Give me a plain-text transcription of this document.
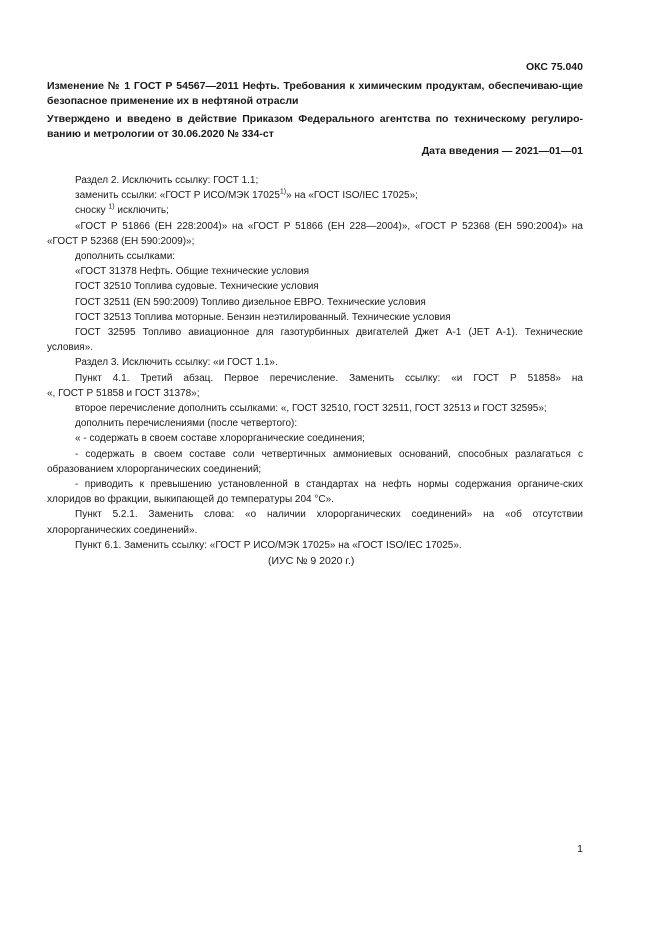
ОКС 75.040

Изменение № 1 ГОСТ Р 54567—2011 Нефть. Требования к химическим продуктам, обеспечиваю-щие безопасное применение их в нефтяной отрасли

Утверждено и введено в действие Приказом Федерального агентства по техническому регулиро-ванию и метрологии от 30.06.2020 № 334-ст

Дата введения — 2021—01—01

Раздел 2. Исключить ссылку: ГОСТ 1.1;

заменить ссылки: «ГОСТ Р ИСО/МЭК 17025$^{1)}$» на «ГОСТ ISO/IEC 17025»;

сноску $^{1)}$ исключить;

«ГОСТ Р 51866 (ЕН 228:2004)» на «ГОСТ Р 51866 (ЕН 228—2004)», «ГОСТ Р 52368 (ЕН 590:2004)» на «ГОСТ Р 52368 (ЕН 590:2009)»;

дополнить ссылками:

«ГОСТ 31378 Нефть. Общие технические условия

ГОСТ 32510 Топлива судовые. Технические условия

ГОСТ 32511 (EN 590:2009) Топливо дизельное ЕВРО. Технические условия

ГОСТ 32513 Топлива моторные. Бензин неэтилированный. Технические условия

ГОСТ 32595 Топливо авиационное для газотурбинных двигателей Джет А-1 (JET A-1). Технические условия».

Раздел 3. Исключить ссылку: «и ГОСТ 1.1».

Пункт 4.1. Третий абзац. Первое перечисление. Заменить ссылку: «и ГОСТ Р 51858» на

«, ГОСТ Р 51858 и ГОСТ 31378»;

второе перечисление дополнить ссылками: «, ГОСТ 32510, ГОСТ 32511, ГОСТ 32513 и ГОСТ 32595»;

дополнить перечислениями (после четвертого):

« - содержать в своем составе хлорорганические соединения;

- содержать в своем составе соли четвертичных аммониевых оснований, способных разлагаться с образованием хлорорганических соединений;

- приводить к превышению установленной в стандартах на нефть нормы содержания органиче-ских хлоридов во фракции, выкипающей до температуры 204 °С».

Пункт 5.2.1. Заменить слова: «о наличии хлорорганических соединений» на «об отсутствии хлорорганических соединений».

Пункт 6.1. Заменить ссылку: «ГОСТ Р ИСО/МЭК 17025» на «ГОСТ ISO/IEC 17025».

(ИУС № 9 2020 г.)
1
